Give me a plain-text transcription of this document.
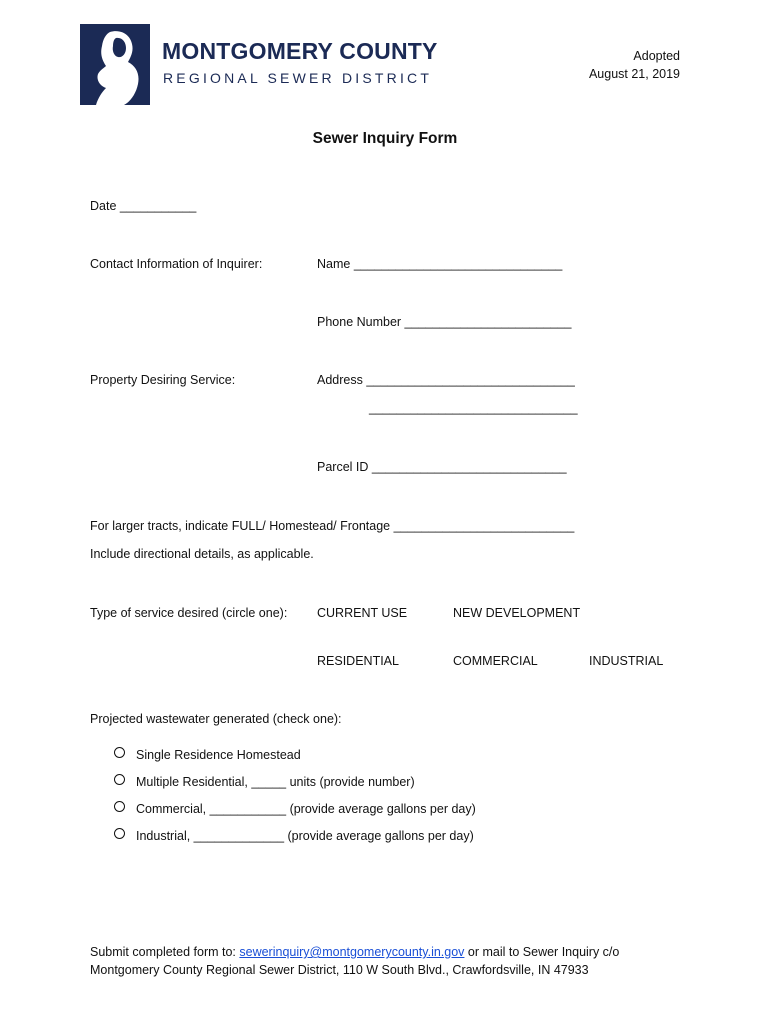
MONTGOMERY COUNTY
REGIONAL SEWER DISTRICT
Adopted
August 21, 2019
Sewer Inquiry Form
Date ___________
Contact Information of Inquirer:	Name ______________________________
Phone Number ________________________
Property Desiring Service:	Address ______________________________
______________________________
Parcel ID ____________________________
For larger tracts, indicate FULL/ Homestead/ Frontage __________________________
Include directional details, as applicable.
Type of service desired (circle one): CURRENT USE	NEW DEVELOPMENT
RESIDENTIAL	COMMERCIAL	INDUSTRIAL
Projected wastewater generated (check one):
Single Residence Homestead
Multiple Residential, _____ units (provide number)
Commercial, ___________ (provide average gallons per day)
Industrial, _____________ (provide average gallons per day)
Submit completed form to: sewerinquiry@montgomerycounty.in.gov or mail to Sewer Inquiry c/o
Montgomery County Regional Sewer District, 110 W South Blvd., Crawfordsville, IN 47933
